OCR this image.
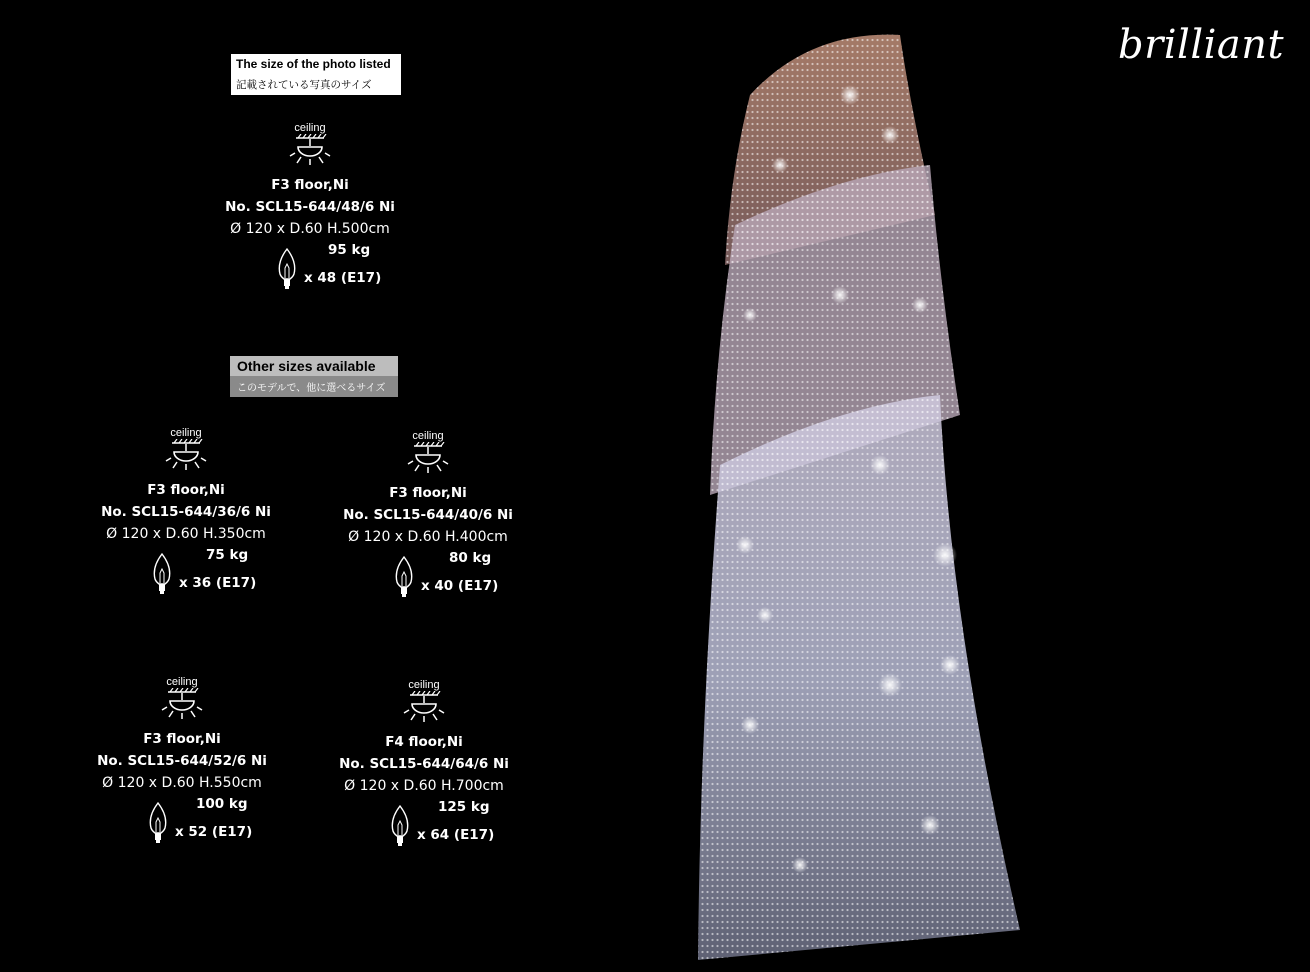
brilliant
The size of the photo listed
記載されている写真のサイズ
Other sizes available
このモデルで、他に選べるサイズ
ceiling
F3 floor,Ni
No. SCL15-644/48/6 Ni
Ø 120 x D.60 H.500cm
95 kg
x 48 (E17)
ceiling
F3 floor,Ni
No. SCL15-644/36/6 Ni
Ø 120 x D.60 H.350cm
75 kg
x 36 (E17)
ceiling
F3 floor,Ni
No. SCL15-644/40/6 Ni
Ø 120 x D.60 H.400cm
80 kg
x 40 (E17)
ceiling
F3 floor,Ni
No. SCL15-644/52/6 Ni
Ø 120 x D.60 H.550cm
100 kg
x 52 (E17)
ceiling
F4 floor,Ni
No. SCL15-644/64/6 Ni
Ø 120 x D.60 H.700cm
125 kg
x 64 (E17)
